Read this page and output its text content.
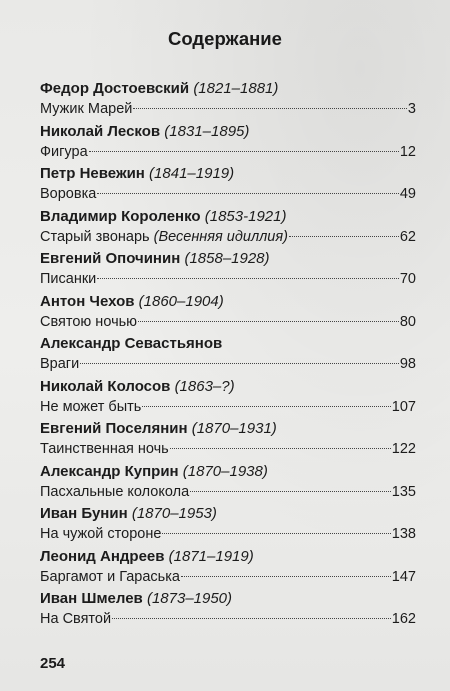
Содержание
Федор Достоевский (1821–1881)
Мужик Марей	3
Николай Лесков (1831–1895)
Фигура	12
Петр Невежин (1841–1919)
Воровка	49
Владимир Короленко (1853-1921)
Старый звонарь
(Весенняя идиллия)	62
Евгений Опочинин (1858–1928)
Писанки	70
Антон Чехов (1860–1904)
Святою ночью	80
Александр Севастьянов
Враги	98
Николай Колосов (1863–?)
Не может быть	107
Евгений Поселянин (1870–1931)
Таинственная ночь	122
Александр Куприн (1870–1938)
Пасхальные колокола	135
Иван Бунин (1870–1953)
На чужой стороне	138
Леонид Андреев (1871–1919)
Баргамот и Гараська	147
Иван Шмелев (1873–1950)
На Святой	162
254
